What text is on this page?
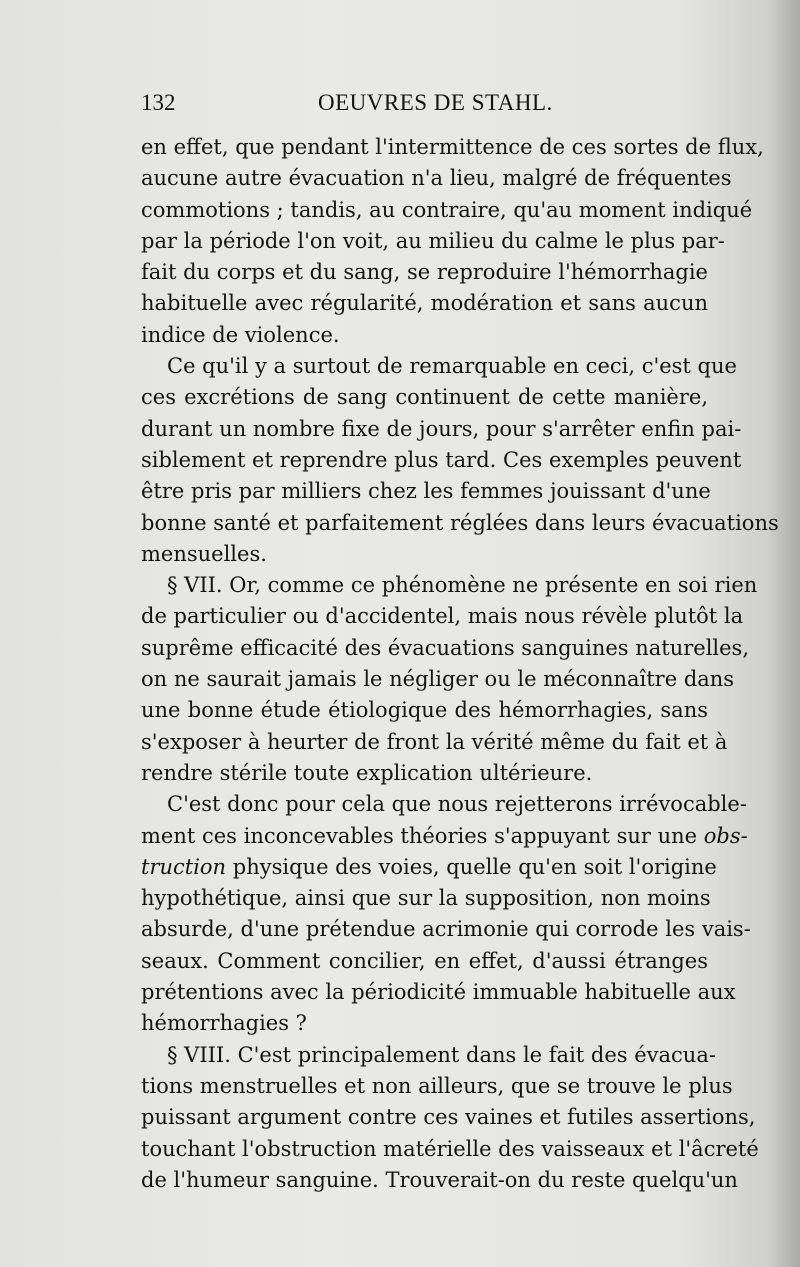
132	OEUVRES DE STAHL.
en effet, que pendant l'intermittence de ces sortes de flux,
aucune autre évacuation n'a lieu, malgré de fréquentes
commotions ; tandis, au contraire, qu'au moment indiqué
par la période l'on voit, au milieu du calme le plus par-
fait du corps et du sang, se reproduire l'hémorrhagie
habituelle avec régularité, modération et sans aucun
indice de violence.
Ce qu'il y a surtout de remarquable en ceci, c'est que
ces excrétions de sang continuent de cette manière,
durant un nombre fixe de jours, pour s'arrêter enfin pai-
siblement et reprendre plus tard. Ces exemples peuvent
être pris par milliers chez les femmes jouissant d'une
bonne santé et parfaitement réglées dans leurs évacuations
mensuelles.
§ VII. Or, comme ce phénomène ne présente en soi rien
de particulier ou d'accidentel, mais nous révèle plutôt la
suprême efficacité des évacuations sanguines naturelles,
on ne saurait jamais le négliger ou le méconnaître dans
une bonne étude étiologique des hémorrhagies, sans
s'exposer à heurter de front la vérité même du fait et à
rendre stérile toute explication ultérieure.
C'est donc pour cela que nous rejetterons irrévocable-
ment ces inconcevables théories s'appuyant sur une obs-
truction physique des voies, quelle qu'en soit l'origine
hypothétique, ainsi que sur la supposition, non moins
absurde, d'une prétendue acrimonie qui corrode les vais-
seaux. Comment concilier, en effet, d'aussi étranges
prétentions avec la périodicité immuable habituelle aux
hémorrhagies ?
§ VIII. C'est principalement dans le fait des évacua-
tions menstruelles et non ailleurs, que se trouve le plus
puissant argument contre ces vaines et futiles assertions,
touchant l'obstruction matérielle des vaisseaux et l'âcreté
de l'humeur sanguine. Trouverait-on du reste quelqu'un
